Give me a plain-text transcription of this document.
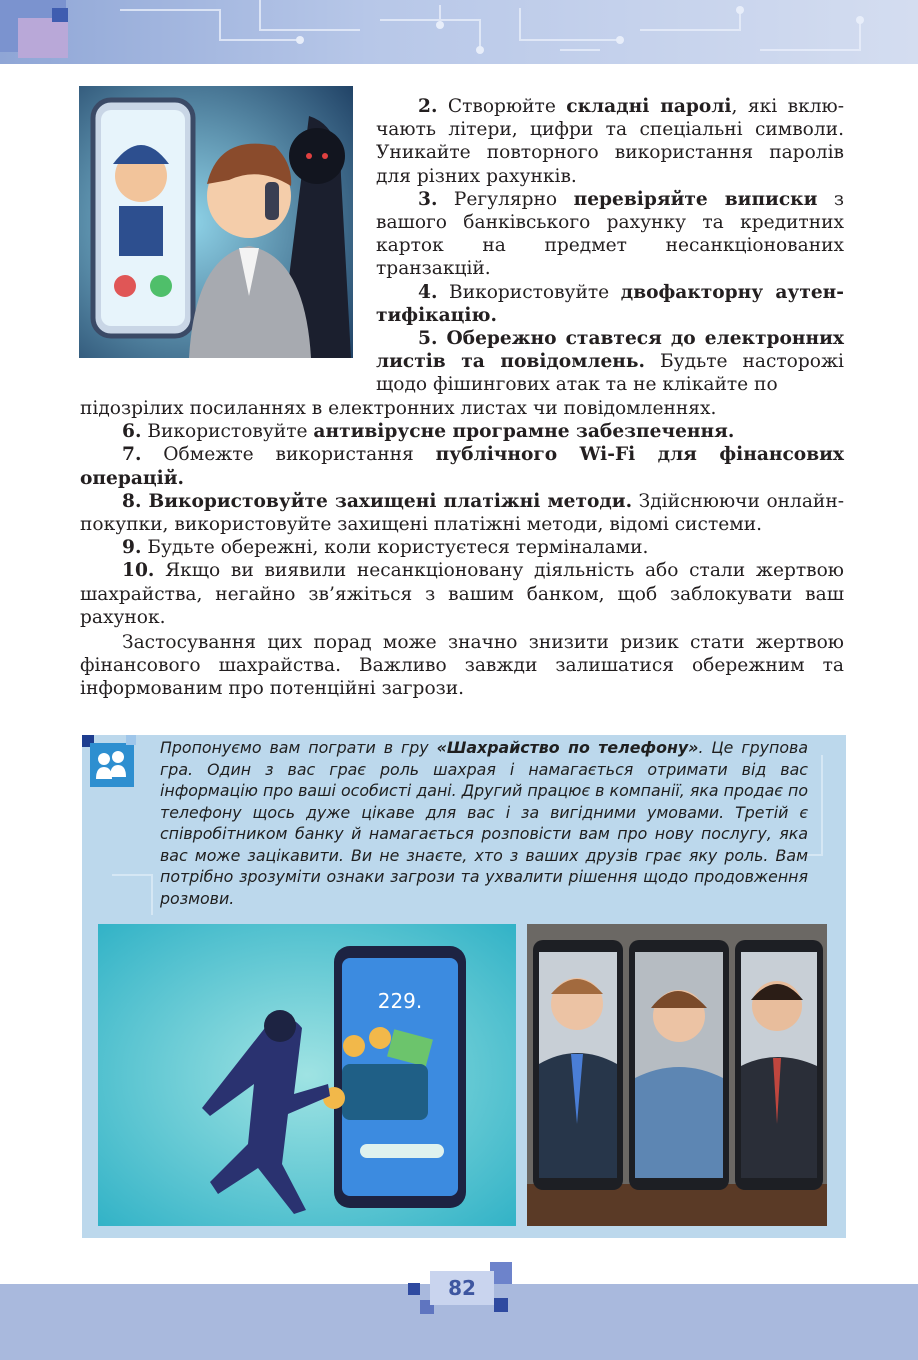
2. Створюйте складні паролі, які включають літери, цифри та спеціальні символи. Уникайте повторного використання паролів для різних рахунків.

3. Регулярно перевіряйте виписки з вашого банківського рахунку та кредитних карток на предмет несанкціонованих транзакцій.

4. Використовуйте двофакторну аутентифікацію.

5. Обережно ставтеся до електронних листів та повідомлень. Будьте насторожі щодо фішингових атак та не клікайте по

підозрілих посиланнях в електронних листах чи повідомленнях.

6. Використовуйте антивірусне програмне забезпечення.

7. Обмежте використання публічного Wi-Fi для фінансових операцій.

8. Використовуйте захищені платіжні методи. Здійснюючи онлайн-покупки, використовуйте захищені платіжні методи, відомі системи.

9. Будьте обережні, коли користуєтеся терміналами.

10. Якщо ви виявили несанкціоновану діяльність або стали жертвою шахрайства, негайно зв’яжіться з вашим банком, щоб заблокувати ваш рахунок.

Застосування цих порад може значно знизити ризик стати жертвою фінансового шахрайства. Важливо завжди залишатися обережним та інформованим про потенційні загрози.

Пропонуємо вам пограти в гру «Шахрайство по телефону». Це групова гра. Один з вас грає роль шахрая і намагається отримати від вас інформацію про ваші особисті дані. Другий працює в компанії, яка продає по телефону щось дуже цікаве для вас і за вигідними умовами. Третій є співробітником банку й намагається розповісти вам про нову послугу, яка вас може зацікавити. Ви не знаєте, хто з ваших друзів грає яку роль. Вам потрібно зрозуміти ознаки загрози та ухвалити рішення щодо продовження розмови.

229.
82
